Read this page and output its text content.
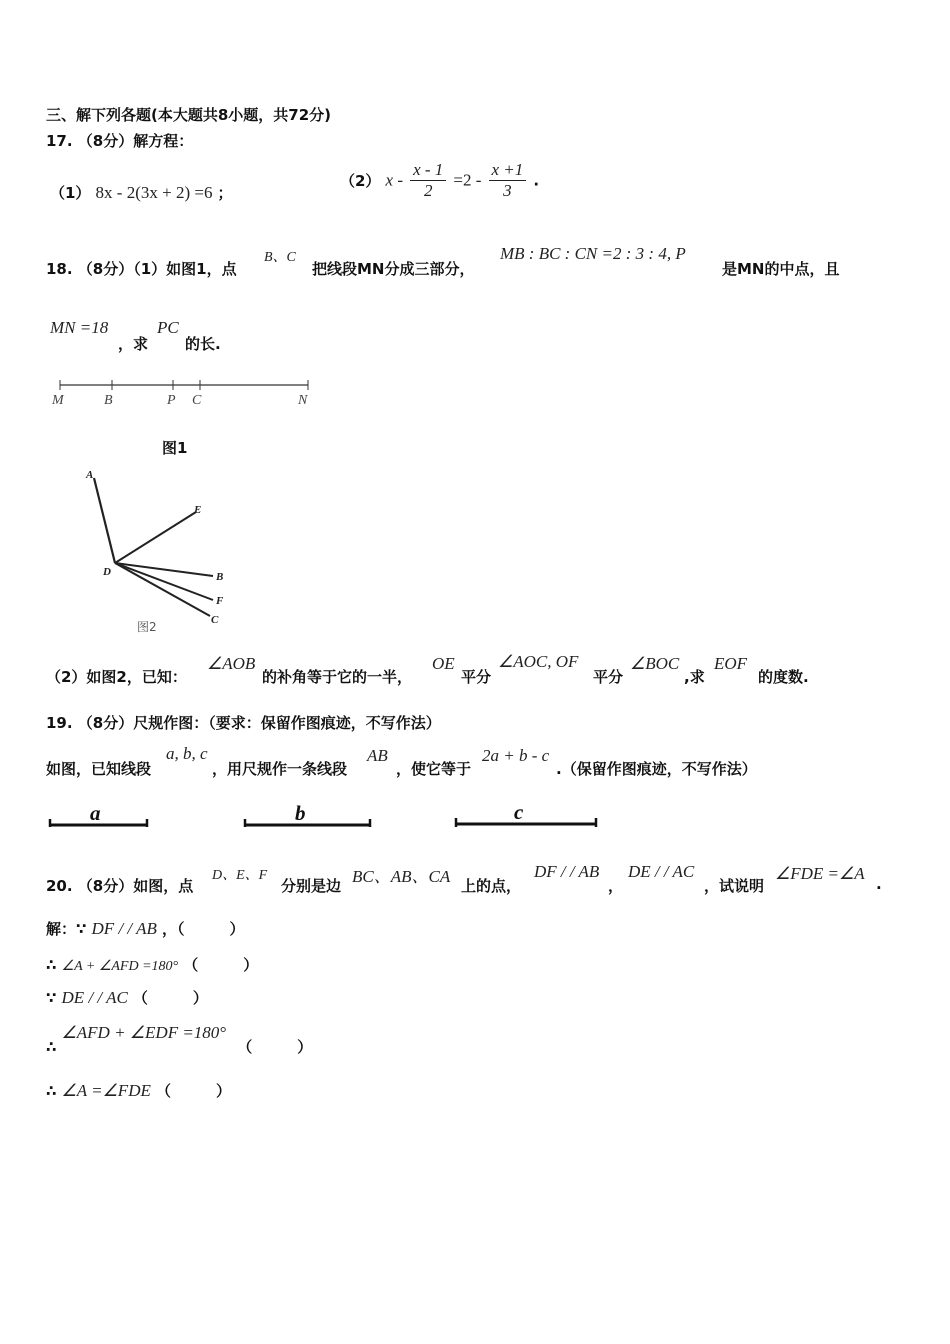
三、解下列各题(本大题共8小题，共72分)
17. （8分）解方程：
（1） 8x - 2(3x + 2) =6 ；
（2） $x - \frac{x - 1}{2} =2 - \frac{x +1}{3}$ .
18. （8分）（1）如图1，点
B、C
把线段MN分成三部分，
MB : BC : CN =2 : 3 : 4, P
是MN的中点，且
MN =18
，求
PC
的长.
M	B	P C	N
图1
A
E
D	B
F
C
图2
（2）如图2，已知：
∠AOB
的补角等于它的一半，
OE
平分
∠AOC, OF
平分
∠BOC
,求
EOF
的度数.
19. （8分）尺规作图：（要求：保留作图痕迹，不写作法）
如图，已知线段
a, b, c
，用尺规作一条线段
AB
，使它等于
2a + b - c
.（保留作图痕迹，不写作法）
a	b	c
20. （8分）如图，点
D、E、F
分别是边 BC、AB、CA 上的点，
DF / / AB
，
DE / / AC
，试说明
∠FDE =∠A
.
解：∵ DF / / AB ，（　　　）
∴ ∠A + ∠AFD =180° （　　　）
∵ DE / / AC （　　　）
∴ ∠AFD + ∠EDF =180° （　　　）
∴ ∠A =∠FDE （　　　）
